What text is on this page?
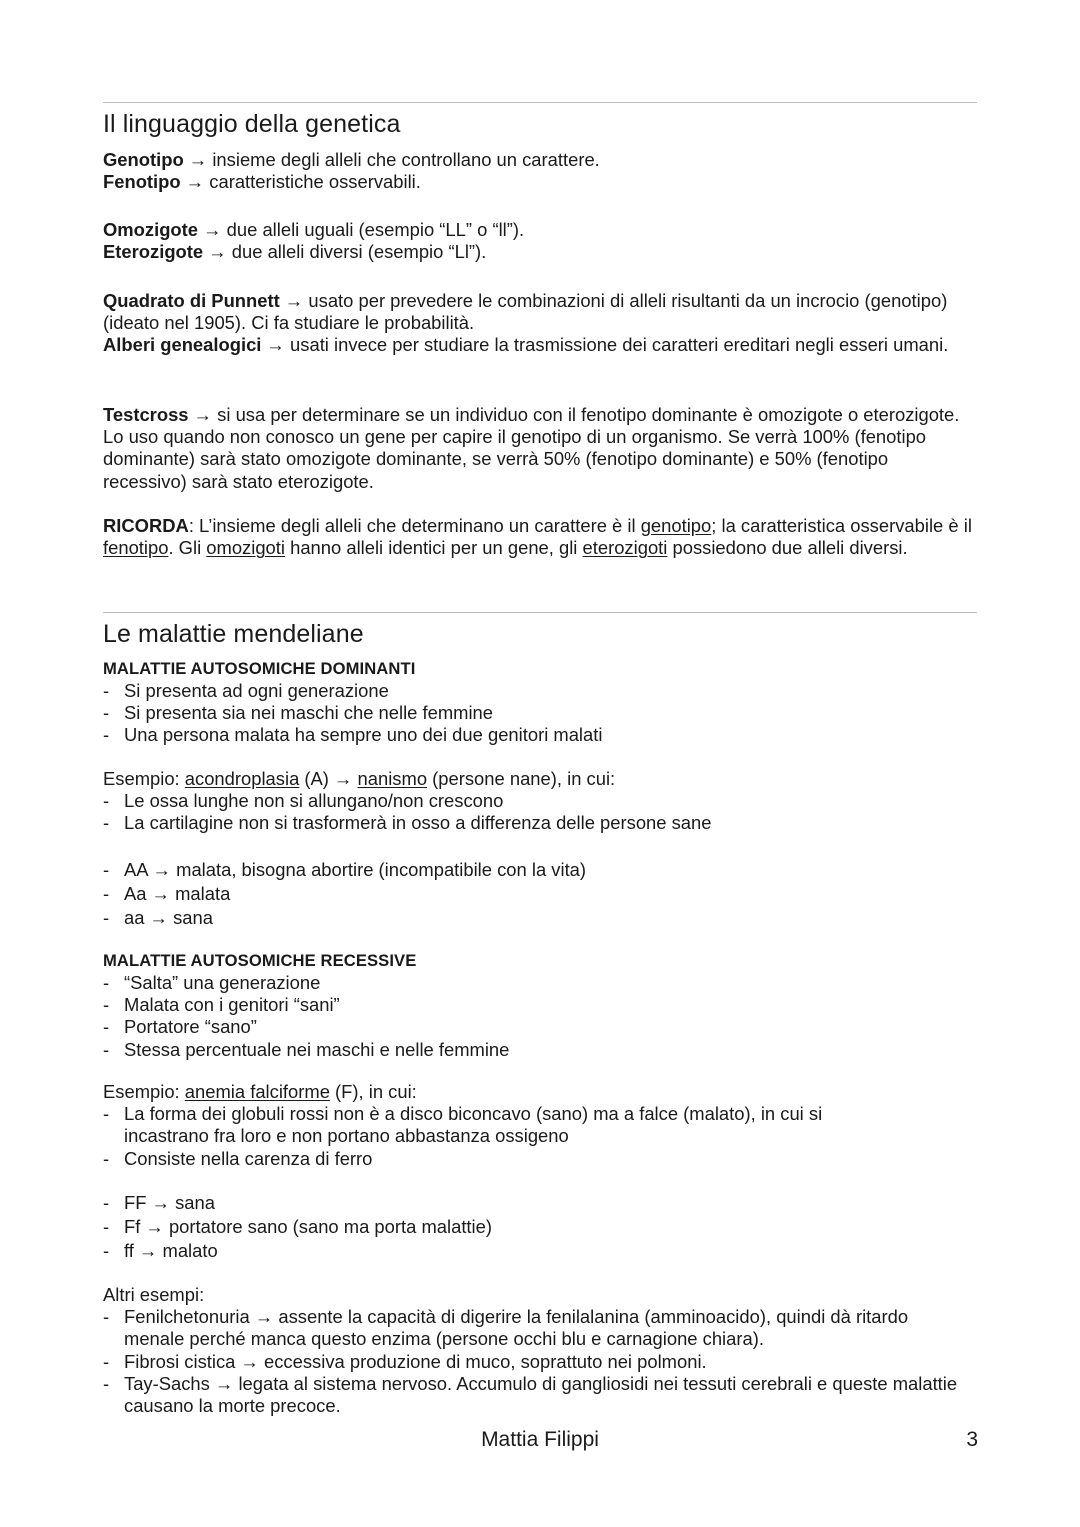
Il linguaggio della genetica

Genotipo → insieme degli alleli che controllano un carattere.

Fenotipo → caratteristiche osservabili.

Omozigote → due alleli uguali (esempio “LL” o “ll”).

Eterozigote → due alleli diversi (esempio “Ll”).

Quadrato di Punnett → usato per prevedere le combinazioni di alleli risultanti da un incrocio (genotipo) (ideato nel 1905). Ci fa studiare le probabilità.

Alberi genealogici → usati invece per studiare la trasmissione dei caratteri ereditari negli esseri umani.

Testcross → si usa per determinare se un individuo con il fenotipo dominante è omozigote o eterozigote. Lo uso quando non conosco un gene per capire il genotipo di un organismo. Se verrà 100% (fenotipo dominante) sarà stato omozigote dominante, se verrà 50% (fenotipo dominante) e 50% (fenotipo recessivo) sarà stato eterozigote.

RICORDA: L’insieme degli alleli che determinano un carattere è il genotipo; la caratteristica osservabile è il fenotipo. Gli omozigoti hanno alleli identici per un gene, gli eterozigoti possiedono due alleli diversi.

Le malattie mendeliane
MALATTIE AUTOSOMICHE DOMINANTI
- Si presenta ad ogni generazione
- Si presenta sia nei maschi che nelle femmine
- Una persona malata ha sempre uno dei due genitori malati

Esempio: acondroplasia (A) → nanismo (persone nane), in cui:

- Le ossa lunghe non si allungano/non crescono
- La cartilagine non si trasformerà in osso a differenza delle persone sane
- AA → malata, bisogna abortire (incompatibile con la vita)
- Aa → malata
- aa → sana
MALATTIE AUTOSOMICHE RECESSIVE
- “Salta” una generazione
- Malata con i genitori “sani”
- Portatore “sano”
- Stessa percentuale nei maschi e nelle femmine

Esempio: anemia falciforme (F), in cui:

- La forma dei globuli rossi non è a disco biconcavo (sano) ma a falce (malato), in cui si incastrano fra loro e non portano abbastanza ossigeno
- Consiste nella carenza di ferro
- FF → sana
- Ff → portatore sano (sano ma porta malattie)
- ff → malato

Altri esempi:

- Fenilchetonuria → assente la capacità di digerire la fenilalanina (amminoacido), quindi dà ritardo menale perché manca questo enzima (persone occhi blu e carnagione chiara).
- Fibrosi cistica → eccessiva produzione di muco, soprattuto nei polmoni.
- Tay-Sachs → legata al sistema nervoso. Accumulo di gangliosidi nei tessuti cerebrali e queste malattie causano la morte precoce.
Mattia Filippi	3
